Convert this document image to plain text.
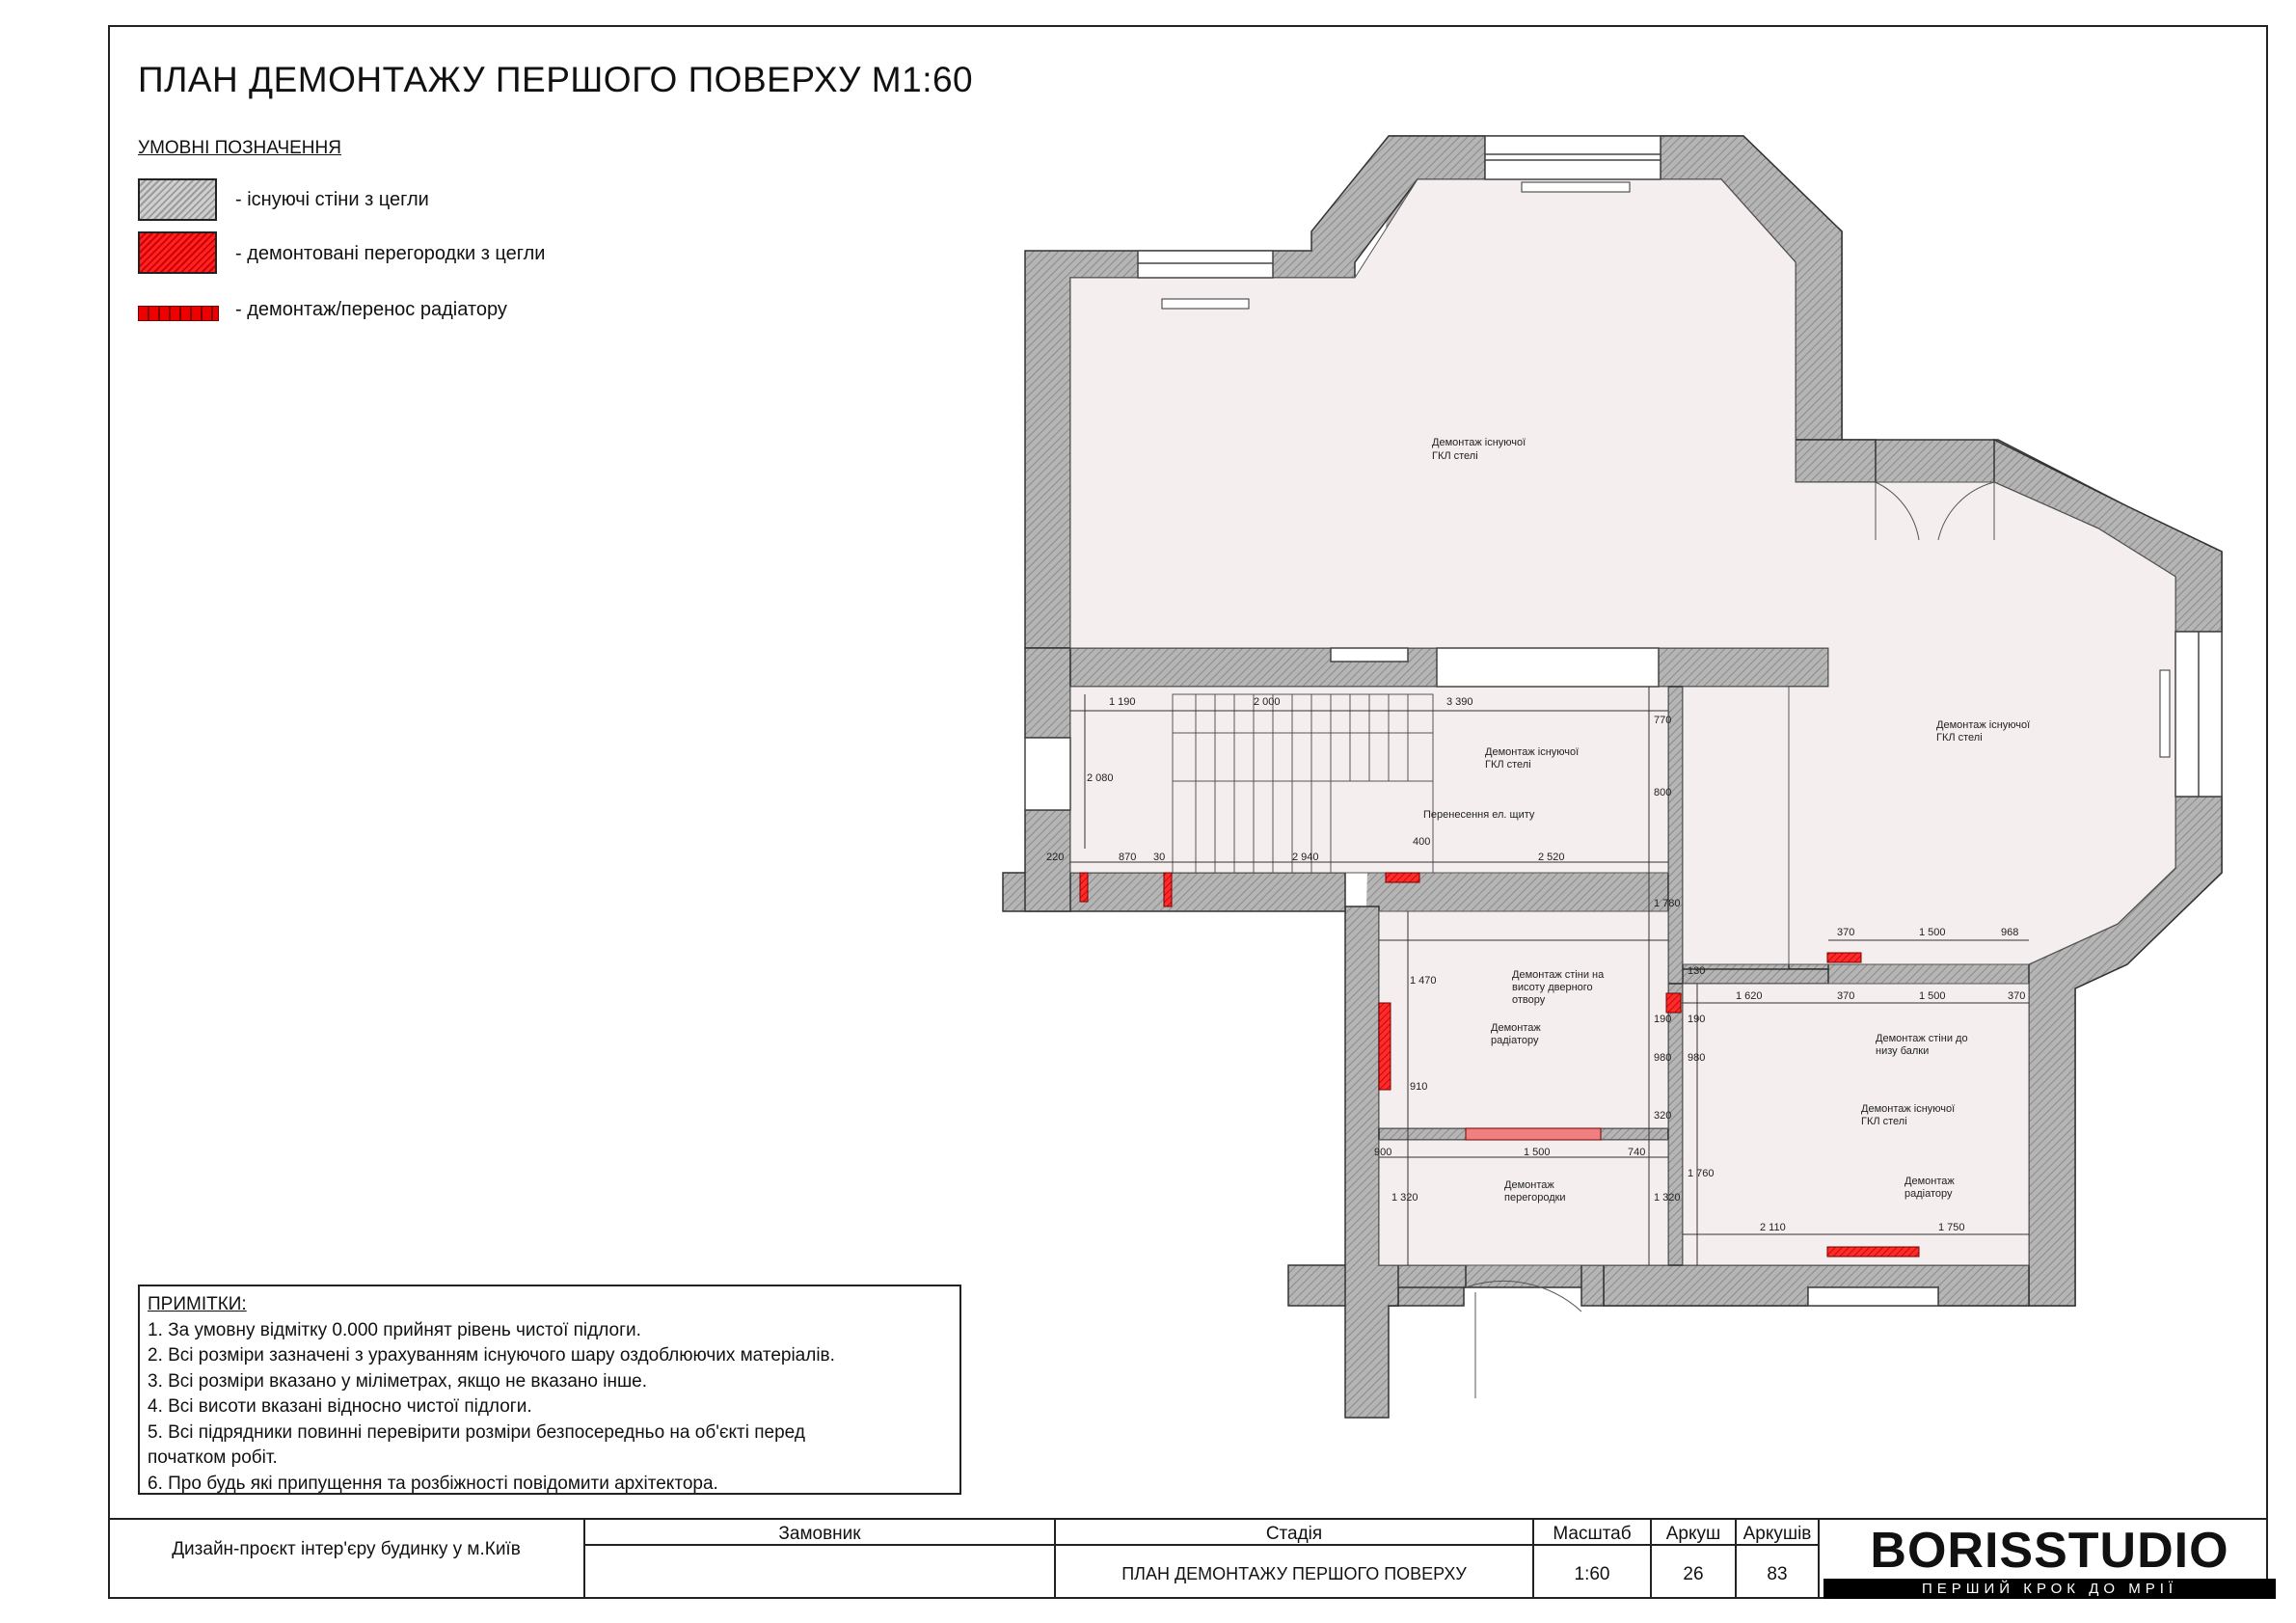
ПЛАН ДЕМОНТАЖУ ПЕРШОГО ПОВЕРХУ М1:60
УМОВНІ ПОЗНАЧЕННЯ
- існуючі стіни з цегли
- демонтовані перегородки з цегли
- демонтаж/перенос радіатору
Демонтаж існуючої
ГКЛ стелі
Демонтаж існуючої
ГКЛ стелі
Демонтаж існуючої
ГКЛ стелі
Перенесення ел. щиту
Демонтаж стіни на
висоту дверного
отвору
Демонтаж
радіатору
Демонтаж
перегородки
Демонтаж стіни до
низу балки
Демонтаж існуючої
ГКЛ стелі
Демонтаж
радіатору
1 190	2 000	3 390
770
2 080
800
400
220	870 30	2 940	2 520
1 780
370	1 500	968
1 470
190
130
190
1 620	370	1 500	370
980 980
910
320
900	1 500	740
1 320	1 320
1 760
2 110	1 750
ПРИМІТКИ:
1. За умовну відмітку 0.000 прийнят рівень чистої підлоги.
2. Всі розміри зазначені з урахуванням існуючого шару оздоблюючих матеріалів.
3. Всі розміри вказано у міліметрах, якщо не вказано інше.
4. Всі висоти вказані відносно чистої підлоги.
5. Всі підрядники повинні перевірити розміри безпосередньо на об'єкті перед
початком робіт.
6. Про будь які припущення та розбіжності повідомити архітектора.
Дизайн-проєкт інтер'єру будинку у м.Київ
Замовник	Стадія
ПЛАН ДЕМОНТАЖУ ПЕРШОГО ПОВЕРХУ
Масштаб
1:60
Аркуш
26
Аркушів
83	BORISSTUDIO
ПЕРШИЙ КРОК ДО МРІЇ
